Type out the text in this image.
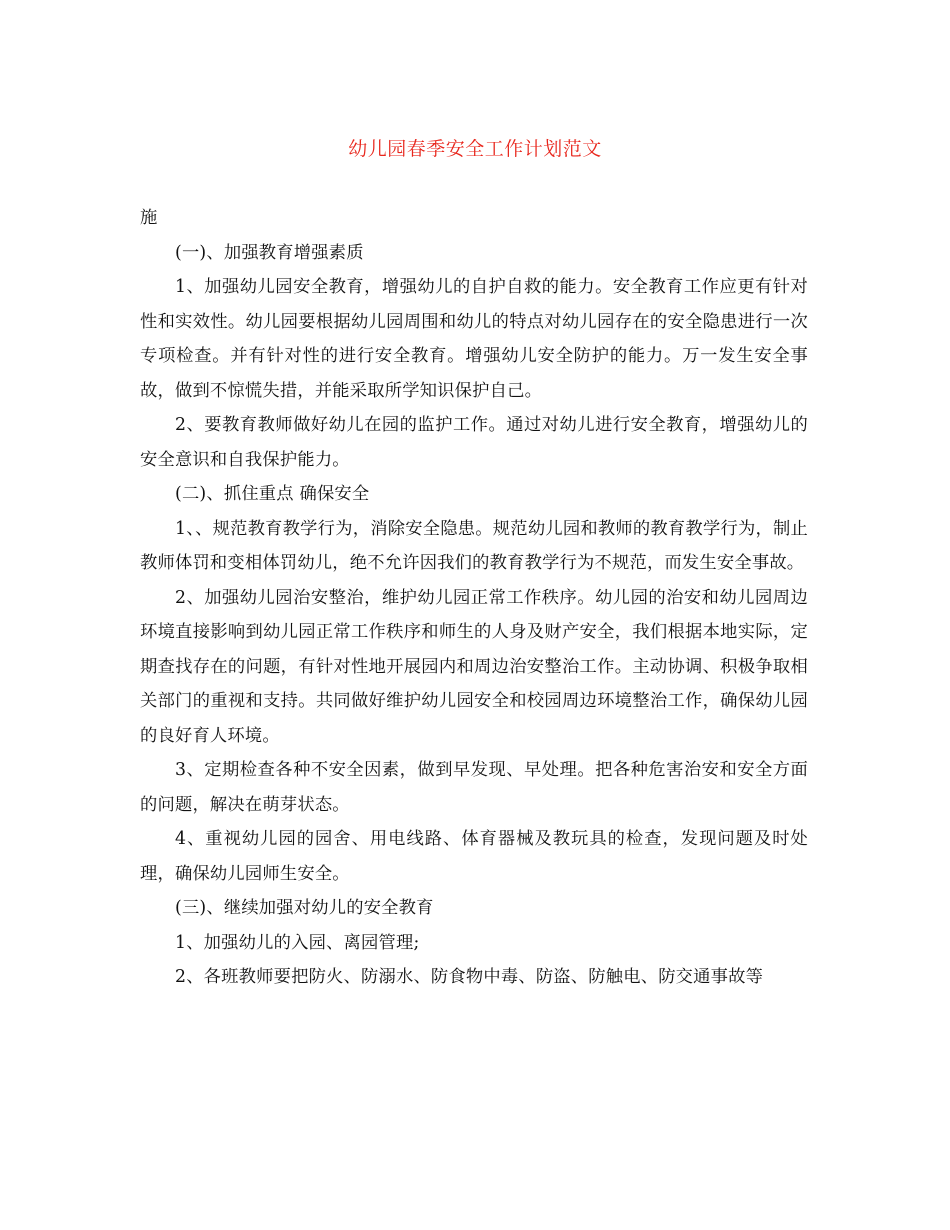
幼儿园春季安全工作计划范文

施

(一)、加强教育增强素质

1、加强幼儿园安全教育，增强幼儿的自护自救的能力。安全教育工作应更有针对性和实效性。幼儿园要根据幼儿园周围和幼儿的特点对幼儿园存在的安全隐患进行一次专项检查。并有针对性的进行安全教育。增强幼儿安全防护的能力。万一发生安全事故，做到不惊慌失措，并能采取所学知识保护自己。

2、要教育教师做好幼儿在园的监护工作。通过对幼儿进行安全教育，增强幼儿的安全意识和自我保护能力。

(二)、抓住重点 确保安全

1、、规范教育教学行为，消除安全隐患。规范幼儿园和教师的教育教学行为，制止教师体罚和变相体罚幼儿，绝不允许因我们的教育教学行为不规范，而发生安全事故。

2、加强幼儿园治安整治，维护幼儿园正常工作秩序。幼儿园的治安和幼儿园周边环境直接影响到幼儿园正常工作秩序和师生的人身及财产安全，我们根据本地实际，定期查找存在的问题，有针对性地开展园内和周边治安整治工作。主动协调、积极争取相关部门的重视和支持。共同做好维护幼儿园安全和校园周边环境整治工作，确保幼儿园的良好育人环境。

3、定期检查各种不安全因素，做到早发现、早处理。把各种危害治安和安全方面的问题，解决在萌芽状态。

4、重视幼儿园的园舍、用电线路、体育器械及教玩具的检查，发现问题及时处理，确保幼儿园师生安全。

(三)、继续加强对幼儿的安全教育

1、加强幼儿的入园、离园管理;

2、各班教师要把防火、防溺水、防食物中毒、防盗、防触电、防交通事故等
